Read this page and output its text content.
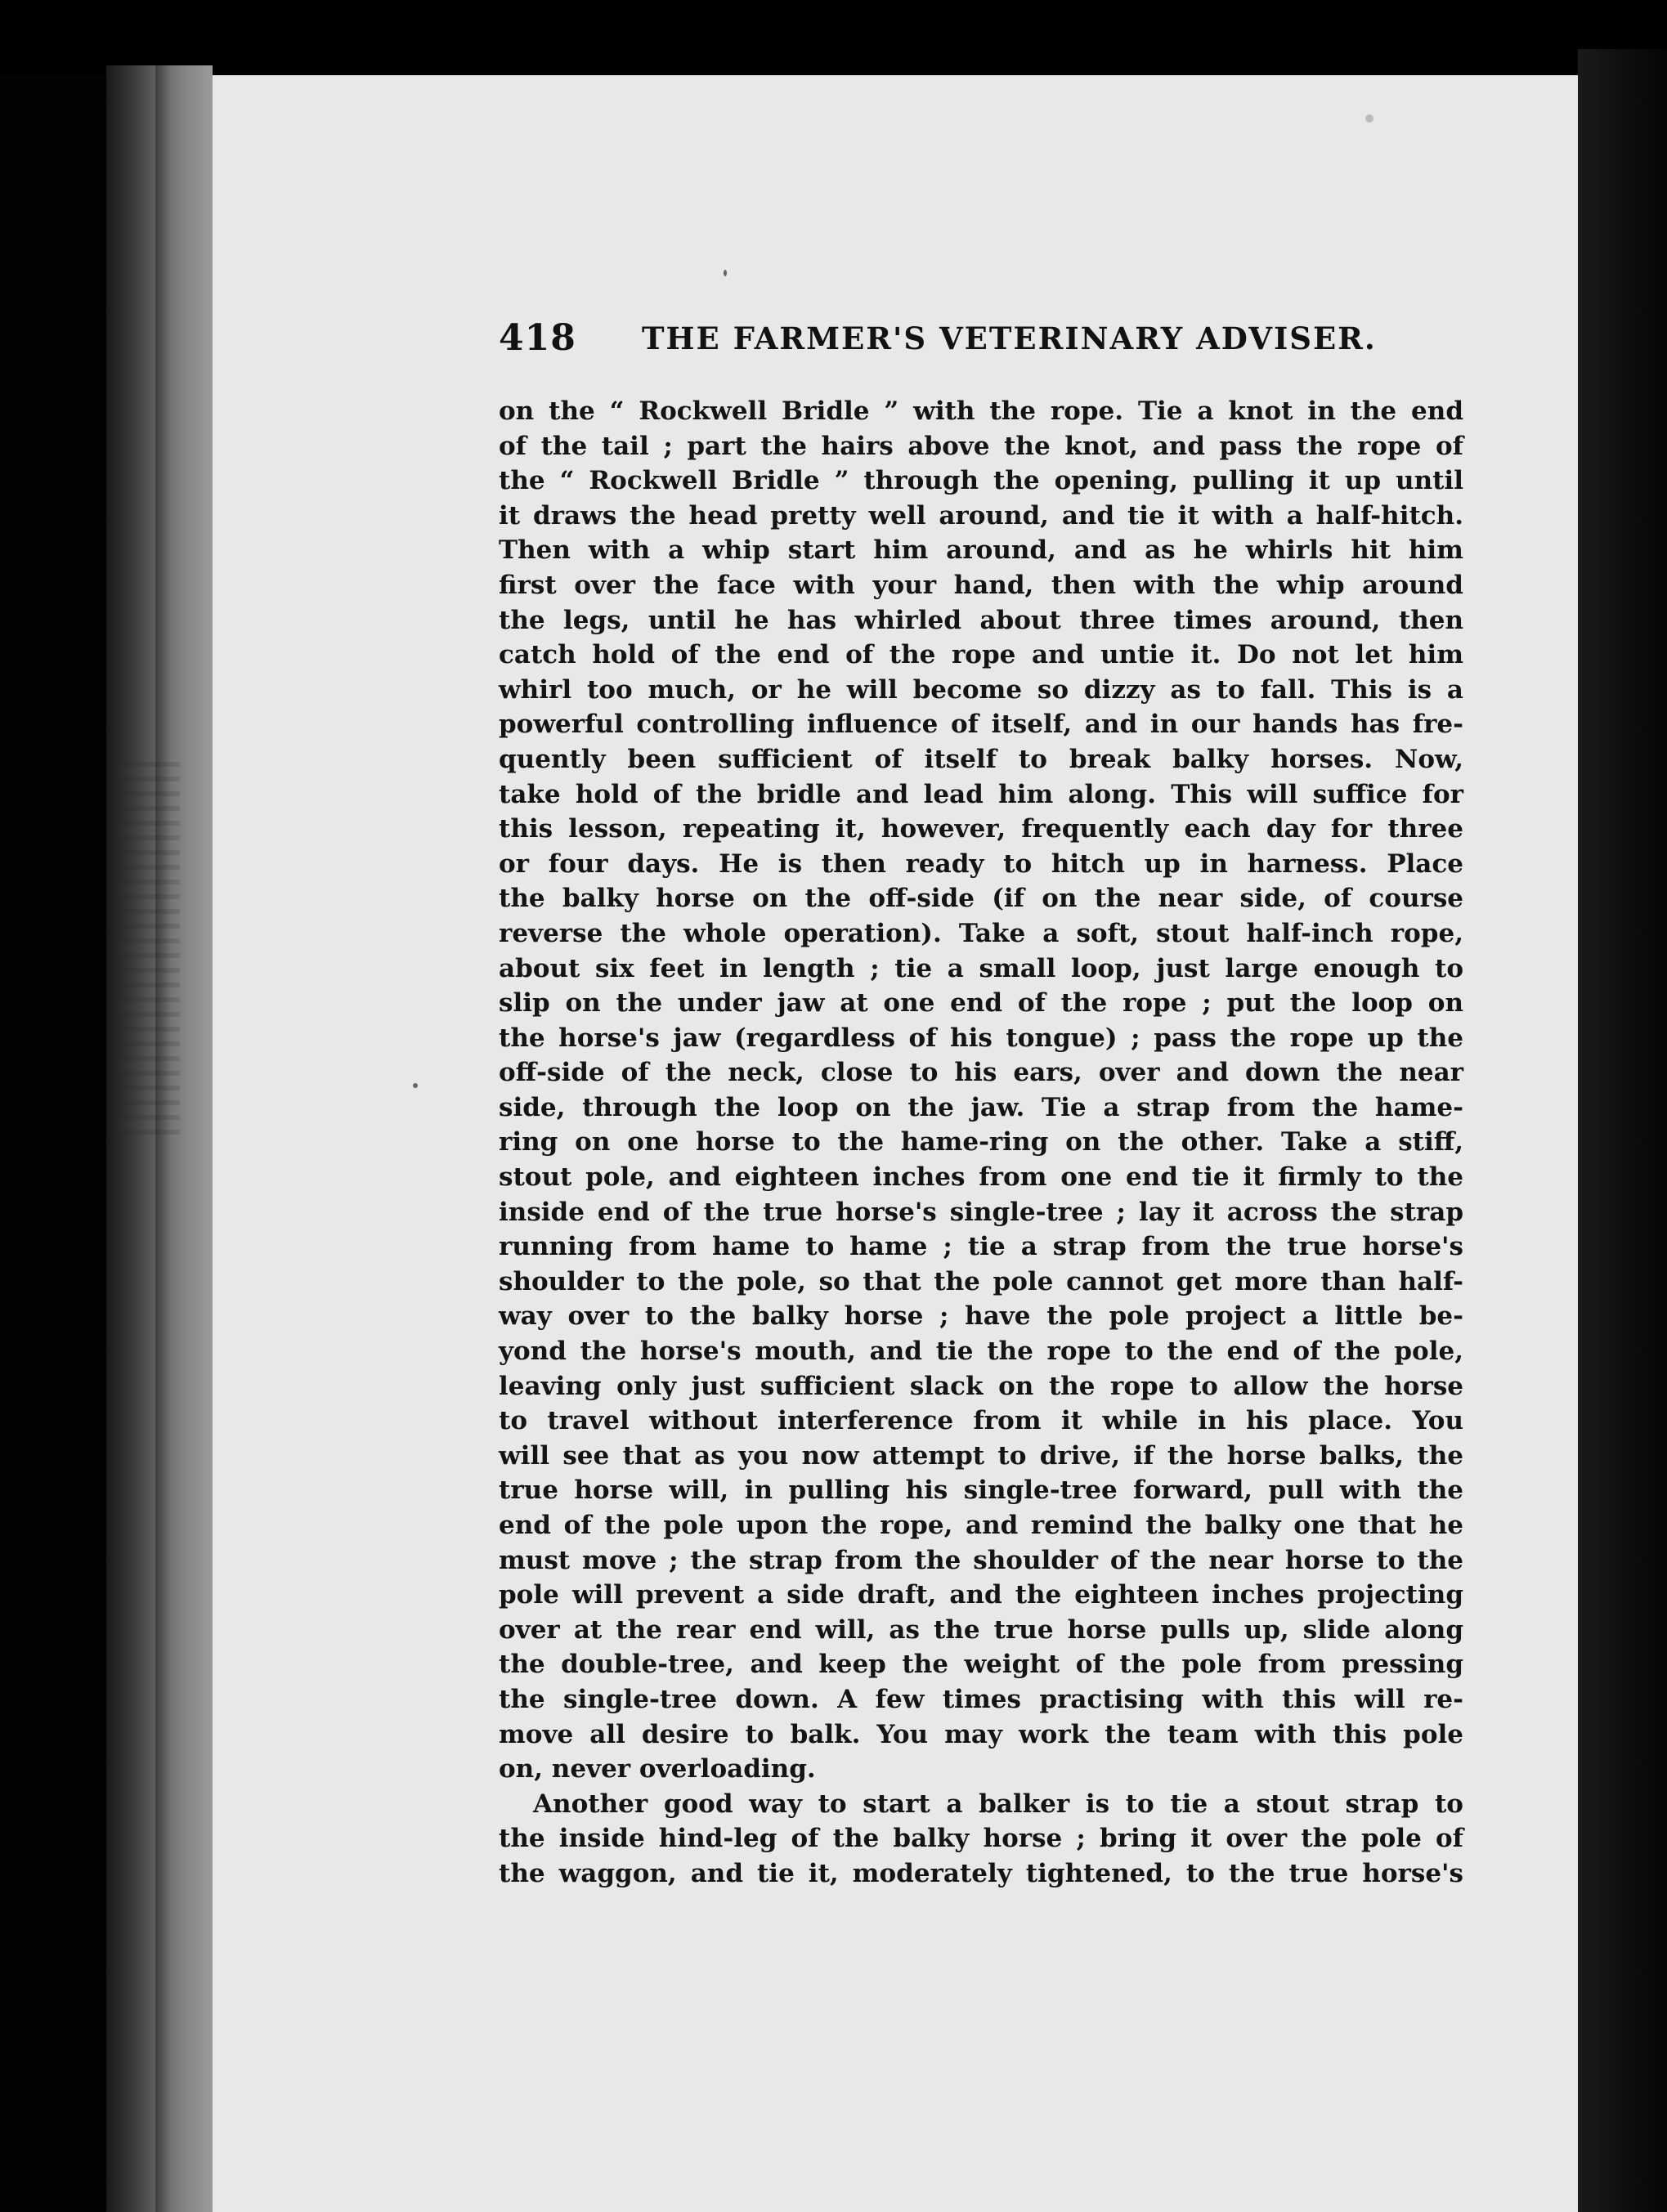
418 THE FARMER'S VETERINARY ADVISER.
on the “ Rockwell Bridle ” with the rope. Tie a knot in the end
of the tail ; part the hairs above the knot, and pass the rope of
the “ Rockwell Bridle ” through the opening, pulling it up until
it draws the head pretty well around, and tie it with a half-hitch.
Then with a whip start him around, and as he whirls hit him
first over the face with your hand, then with the whip around
the legs, until he has whirled about three times around, then
catch hold of the end of the rope and untie it. Do not let him
whirl too much, or he will become so dizzy as to fall. This is a
powerful controlling influence of itself, and in our hands has fre-
quently been sufficient of itself to break balky horses. Now,
take hold of the bridle and lead him along. This will suffice for
this lesson, repeating it, however, frequently each day for three
or four days. He is then ready to hitch up in harness. Place
the balky horse on the off-side (if on the near side, of course
reverse the whole operation). Take a soft, stout half-inch rope,
about six feet in length ; tie a small loop, just large enough to
slip on the under jaw at one end of the rope ; put the loop on
the horse's jaw (regardless of his tongue) ; pass the rope up the
off-side of the neck, close to his ears, over and down the near
side, through the loop on the jaw. Tie a strap from the hame-
ring on one horse to the hame-ring on the other. Take a stiff,
stout pole, and eighteen inches from one end tie it firmly to the
inside end of the true horse's single-tree ; lay it across the strap
running from hame to hame ; tie a strap from the true horse's
shoulder to the pole, so that the pole cannot get more than half-
way over to the balky horse ; have the pole project a little be-
yond the horse's mouth, and tie the rope to the end of the pole,
leaving only just sufficient slack on the rope to allow the horse
to travel without interference from it while in his place. You
will see that as you now attempt to drive, if the horse balks, the
true horse will, in pulling his single-tree forward, pull with the
end of the pole upon the rope, and remind the balky one that he
must move ; the strap from the shoulder of the near horse to the
pole will prevent a side draft, and the eighteen inches projecting
over at the rear end will, as the true horse pulls up, slide along
the double-tree, and keep the weight of the pole from pressing
the single-tree down. A few times practising with this will re-
move all desire to balk. You may work the team with this pole
on, never overloading.
Another good way to start a balker is to tie a stout strap to
the inside hind-leg of the balky horse ; bring it over the pole of
the waggon, and tie it, moderately tightened, to the true horse's
